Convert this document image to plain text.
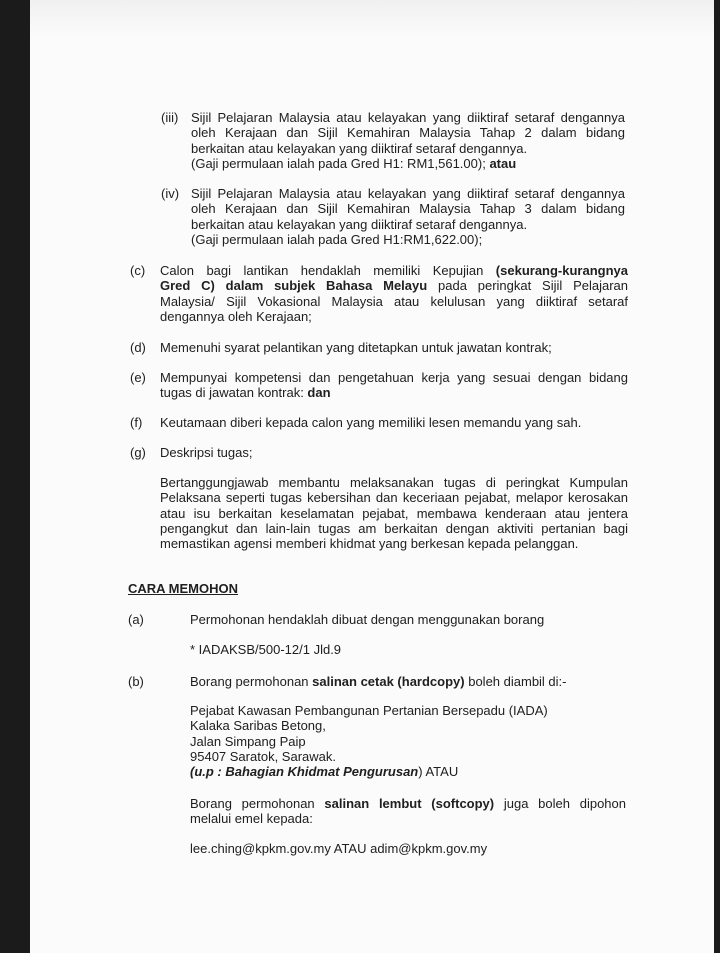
(iii) Sijil Pelajaran Malaysia atau kelayakan yang diiktiraf setaraf dengannya
oleh Kerajaan dan Sijil Kemahiran Malaysia Tahap 2 dalam bidang
berkaitan atau kelayakan yang diiktiraf setaraf dengannya.
(Gaji permulaan ialah pada Gred H1: RM1,561.00); atau
(iv) Sijil Pelajaran Malaysia atau kelayakan yang diiktiraf setaraf dengannya
oleh Kerajaan dan Sijil Kemahiran Malaysia Tahap 3 dalam bidang
berkaitan atau kelayakan yang diiktiraf setaraf dengannya.
(Gaji permulaan ialah pada Gred H1:RM1,622.00);
(c) Calon bagi lantikan hendaklah memiliki Kepujian (sekurang-kurangnya
Gred C) dalam subjek Bahasa Melayu pada peringkat Sijil Pelajaran
Malaysia/ Sijil Vokasional Malaysia atau kelulusan yang diiktiraf setaraf
dengannya oleh Kerajaan;
(d) Memenuhi syarat pelantikan yang ditetapkan untuk jawatan kontrak;
(e) Mempunyai kompetensi dan pengetahuan kerja yang sesuai dengan bidang
tugas di jawatan kontrak: dan
(f) Keutamaan diberi kepada calon yang memiliki lesen memandu yang sah.
(g) Deskripsi tugas;
Bertanggungjawab membantu melaksanakan tugas di peringkat Kumpulan
Pelaksana seperti tugas kebersihan dan keceriaan pejabat, melapor kerosakan
atau isu berkaitan keselamatan pejabat, membawa kenderaan atau jentera
pengangkut dan lain-lain tugas am berkaitan dengan aktiviti pertanian bagi
memastikan agensi memberi khidmat yang berkesan kepada pelanggan.
CARA MEMOHON
(a)	Permohonan hendaklah dibuat dengan menggunakan borang
* IADAKSB/500-12/1 Jld.9
(b)	Borang permohonan salinan cetak (hardcopy) boleh diambil di:-
Pejabat Kawasan Pembangunan Pertanian Bersepadu (IADA)
Kalaka Saribas Betong,
Jalan Simpang Paip
95407 Saratok, Sarawak.
(u.p : Bahagian Khidmat Pengurusan) ATAU
Borang permohonan salinan lembut (softcopy) juga boleh dipohon
melalui emel kepada:
lee.ching@kpkm.gov.my ATAU adim@kpkm.gov.my
